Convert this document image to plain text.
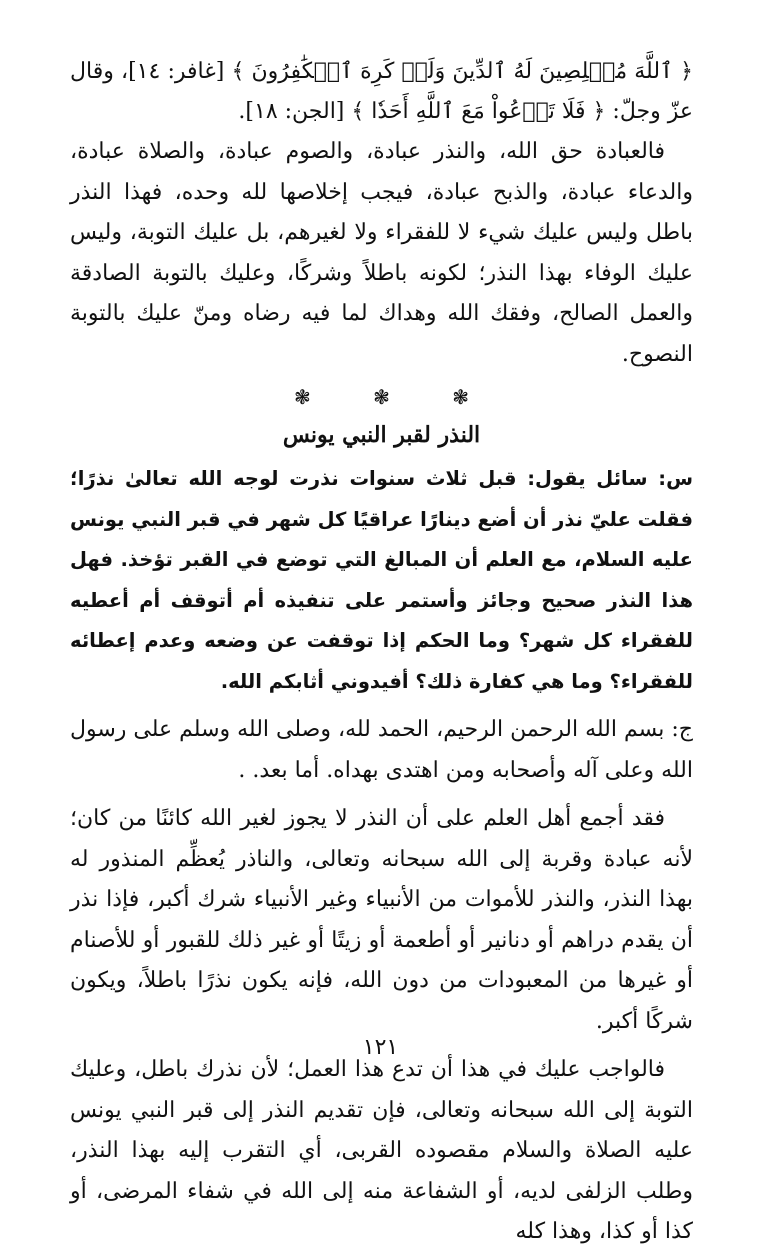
﴿ ٱللَّهَ مُخۡلِصِينَ لَهُ ٱلدِّينَ وَلَوۡ كَرِهَ ٱلۡكَٰفِرُونَ ﴾ [غافر: ١٤]، وقال عزّ وجلّ: ﴿ فَلَا تَدۡعُواْ مَعَ ٱللَّهِ أَحَدٗا ﴾ [الجن: ١٨].

فالعبادة حق الله، والنذر عبادة، والصوم عبادة، والصلاة عبادة، والدعاء عبادة، والذبح عبادة، فيجب إخلاصها لله وحده، فهذا النذر باطل وليس عليك شيء لا للفقراء ولا لغيرهم، بل عليك التوبة، وليس عليك الوفاء بهذا النذر؛ لكونه باطلاً وشركًا، وعليك بالتوبة الصادقة والعمل الصالح، وفقك الله وهداك لما فيه رضاه ومنّ عليك بالتوبة النصوح.

❃	❃	❃
النذر لقبر النبي يونس

س: سائل يقول: قبل ثلاث سنوات نذرت لوجه الله تعالىٰ نذرًا؛ فقلت عليّ نذر أن أضع دينارًا عراقيًا كل شهر في قبر النبي يونس عليه السلام، مع العلم أن المبالغ التي توضع في القبر تؤخذ. فهل هذا النذر صحيح وجائز وأستمر على تنفيذه أم أتوقف أم أعطيه للفقراء كل شهر؟ وما الحكم إذا توقفت عن وضعه وعدم إعطائه للفقراء؟ وما هي كفارة ذلك؟ أفيدوني أثابكم الله.

ج: بسم الله الرحمن الرحيم، الحمد لله، وصلى الله وسلم على رسول الله وعلى آله وأصحابه ومن اهتدى بهداه. أما بعد. .

فقد أجمع أهل العلم على أن النذر لا يجوز لغير الله كائنًا من كان؛ لأنه عبادة وقربة إلى الله سبحانه وتعالى، والناذر يُعظِّم المنذور له بهذا النذر، والنذر للأموات من الأنبياء وغير الأنبياء شرك أكبر، فإذا نذر أن يقدم دراهم أو دنانير أو أطعمة أو زيتًا أو غير ذلك للقبور أو للأصنام أو غيرها من المعبودات من دون الله، فإنه يكون نذرًا باطلاً، ويكون شركًا أكبر.

فالواجب عليك في هذا أن تدع هذا العمل؛ لأن نذرك باطل، وعليك التوبة إلى الله سبحانه وتعالى، فإن تقديم النذر إلى قبر النبي يونس عليه الصلاة والسلام مقصوده القربى، أي التقرب إليه بهذا النذر، وطلب الزلفى لديه، أو الشفاعة منه إلى الله في شفاء المرضى، أو كذا أو كذا، وهذا كله

١٢١
